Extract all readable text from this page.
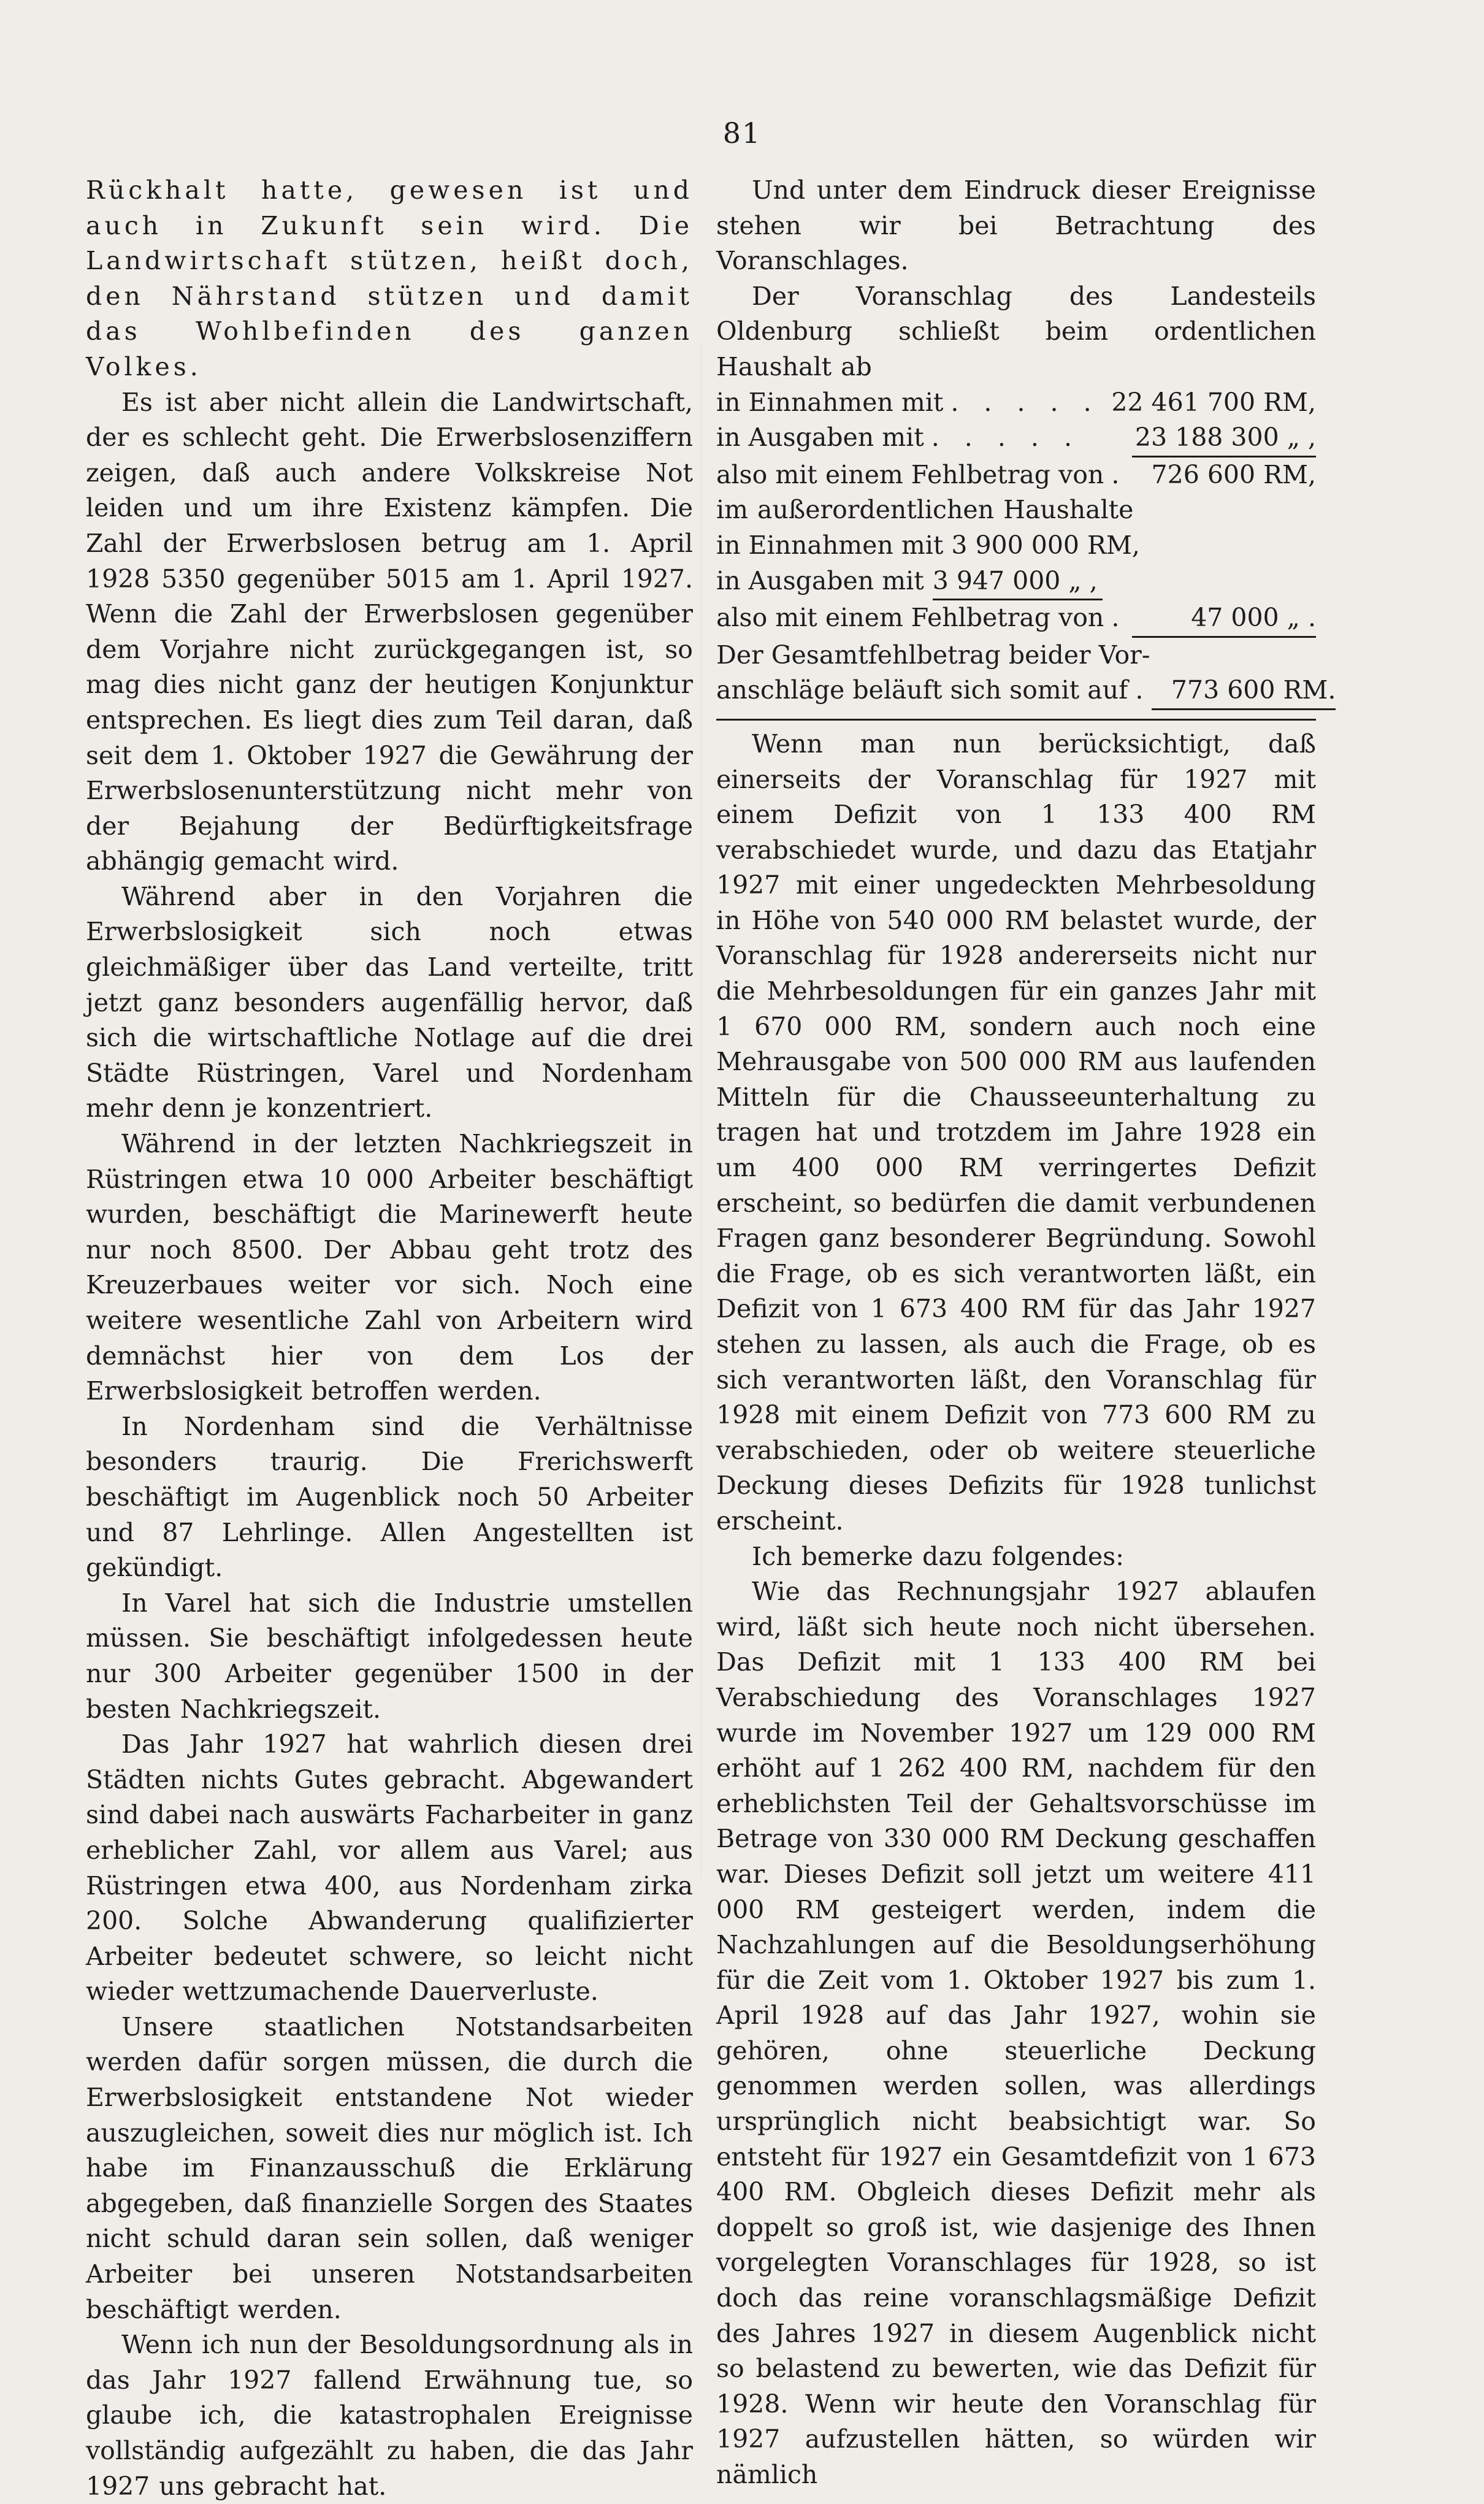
81

Rückhalt hatte, gewesen ist und auch in Zukunft sein wird. Die Landwirtschaft stützen, heißt doch, den Nährstand stützen und damit das Wohlbefinden des ganzen Volkes.

Es ist aber nicht allein die Landwirtschaft, der es schlecht geht. Die Erwerbslosenziffern zeigen, daß auch andere Volkskreise Not leiden und um ihre Existenz kämpfen. Die Zahl der Erwerbslosen betrug am 1. April 1928 5350 gegenüber 5015 am 1. April 1927. Wenn die Zahl der Erwerbslosen gegenüber dem Vorjahre nicht zurückgegangen ist, so mag dies nicht ganz der heutigen Konjunktur entsprechen. Es liegt dies zum Teil daran, daß seit dem 1. Oktober 1927 die Gewährung der Erwerbslosenunterstützung nicht mehr von der Bejahung der Bedürftigkeitsfrage abhängig gemacht wird.

Während aber in den Vorjahren die Erwerbslosigkeit sich noch etwas gleichmäßiger über das Land verteilte, tritt jetzt ganz besonders augenfällig hervor, daß sich die wirtschaftliche Notlage auf die drei Städte Rüstringen, Varel und Nordenham mehr denn je konzentriert.

Während in der letzten Nachkriegszeit in Rüstringen etwa 10 000 Arbeiter beschäftigt wurden, beschäftigt die Marinewerft heute nur noch 8500. Der Abbau geht trotz des Kreuzerbaues weiter vor sich. Noch eine weitere wesentliche Zahl von Arbeitern wird demnächst hier von dem Los der Erwerbslosigkeit betroffen werden.

In Nordenham sind die Verhältnisse besonders traurig. Die Frerichswerft beschäftigt im Augenblick noch 50 Arbeiter und 87 Lehrlinge. Allen Angestellten ist gekündigt.

In Varel hat sich die Industrie umstellen müssen. Sie beschäftigt infolgedessen heute nur 300 Arbeiter gegenüber 1500 in der besten Nachkriegszeit.

Das Jahr 1927 hat wahrlich diesen drei Städten nichts Gutes gebracht. Abgewandert sind dabei nach auswärts Facharbeiter in ganz erheblicher Zahl, vor allem aus Varel; aus Rüstringen etwa 400, aus Nordenham zirka 200. Solche Abwanderung qualifizierter Arbeiter bedeutet schwere, so leicht nicht wieder wettzumachende Dauerverluste.

Unsere staatlichen Notstandsarbeiten werden dafür sorgen müssen, die durch die Erwerbslosigkeit entstandene Not wieder auszugleichen, soweit dies nur möglich ist. Ich habe im Finanzausschuß die Erklärung abgegeben, daß finanzielle Sorgen des Staates nicht schuld daran sein sollen, daß weniger Arbeiter bei unseren Notstandsarbeiten beschäftigt werden.

Wenn ich nun der Besoldungsordnung als in das Jahr 1927 fallend Erwähnung tue, so glaube ich, die katastrophalen Ereignisse vollständig aufgezählt zu haben, die das Jahr 1927 uns gebracht hat.

Und unter dem Eindruck dieser Ereignisse stehen wir bei Betrachtung des Voranschlages.

Der Voranschlag des Landesteils Oldenburg schließt beim ordentlichen Haushalt ab

in Einnahmen mit . . . . . 22 461 700 RM,
in Ausgaben mit . . . . .	23 188 300 „ ,
also mit einem Fehlbetrag von . 726 600 RM,

im außerordentlichen Haushalte

in Einnahmen mit 3 900 000 RM,
in Ausgaben mit 3 947 000 „ ,
also mit einem Fehlbetrag von .	47 000 „ .
Der Gesamtfehlbetrag beider Vor-
anschläge beläuft sich somit auf . 773 600 RM.

Wenn man nun berücksichtigt, daß einerseits der Voranschlag für 1927 mit einem Defizit von 1 133 400 RM verabschiedet wurde, und dazu das Etatjahr 1927 mit einer ungedeckten Mehrbesoldung in Höhe von 540 000 RM belastet wurde, der Voranschlag für 1928 andererseits nicht nur die Mehrbesoldungen für ein ganzes Jahr mit 1 670 000 RM, sondern auch noch eine Mehrausgabe von 500 000 RM aus laufenden Mitteln für die Chausseeunterhaltung zu tragen hat und trotzdem im Jahre 1928 ein um 400 000 RM verringertes Defizit erscheint, so bedürfen die damit verbundenen Fragen ganz besonderer Begründung. Sowohl die Frage, ob es sich verantworten läßt, ein Defizit von 1 673 400 RM für das Jahr 1927 stehen zu lassen, als auch die Frage, ob es sich verantworten läßt, den Voranschlag für 1928 mit einem Defizit von 773 600 RM zu verabschieden, oder ob weitere steuerliche Deckung dieses Defizits für 1928 tunlichst erscheint.

Ich bemerke dazu folgendes:

Wie das Rechnungsjahr 1927 ablaufen wird, läßt sich heute noch nicht übersehen. Das Defizit mit 1 133 400 RM bei Verabschiedung des Voranschlages 1927 wurde im November 1927 um 129 000 RM erhöht auf 1 262 400 RM, nachdem für den erheblichsten Teil der Gehaltsvorschüsse im Betrage von 330 000 RM Deckung geschaffen war. Dieses Defizit soll jetzt um weitere 411 000 RM gesteigert werden, indem die Nachzahlungen auf die Besoldungserhöhung für die Zeit vom 1. Oktober 1927 bis zum 1. April 1928 auf das Jahr 1927, wohin sie gehören, ohne steuerliche Deckung genommen werden sollen, was allerdings ursprünglich nicht beabsichtigt war. So entsteht für 1927 ein Gesamtdefizit von 1 673 400 RM. Obgleich dieses Defizit mehr als doppelt so groß ist, wie dasjenige des Ihnen vorgelegten Voranschlages für 1928, so ist doch das reine voranschlagsmäßige Defizit des Jahres 1927 in diesem Augenblick nicht so belastend zu bewerten, wie das Defizit für 1928. Wenn wir heute den Voranschlag für 1927 aufzustellen hätten, so würden wir nämlich
